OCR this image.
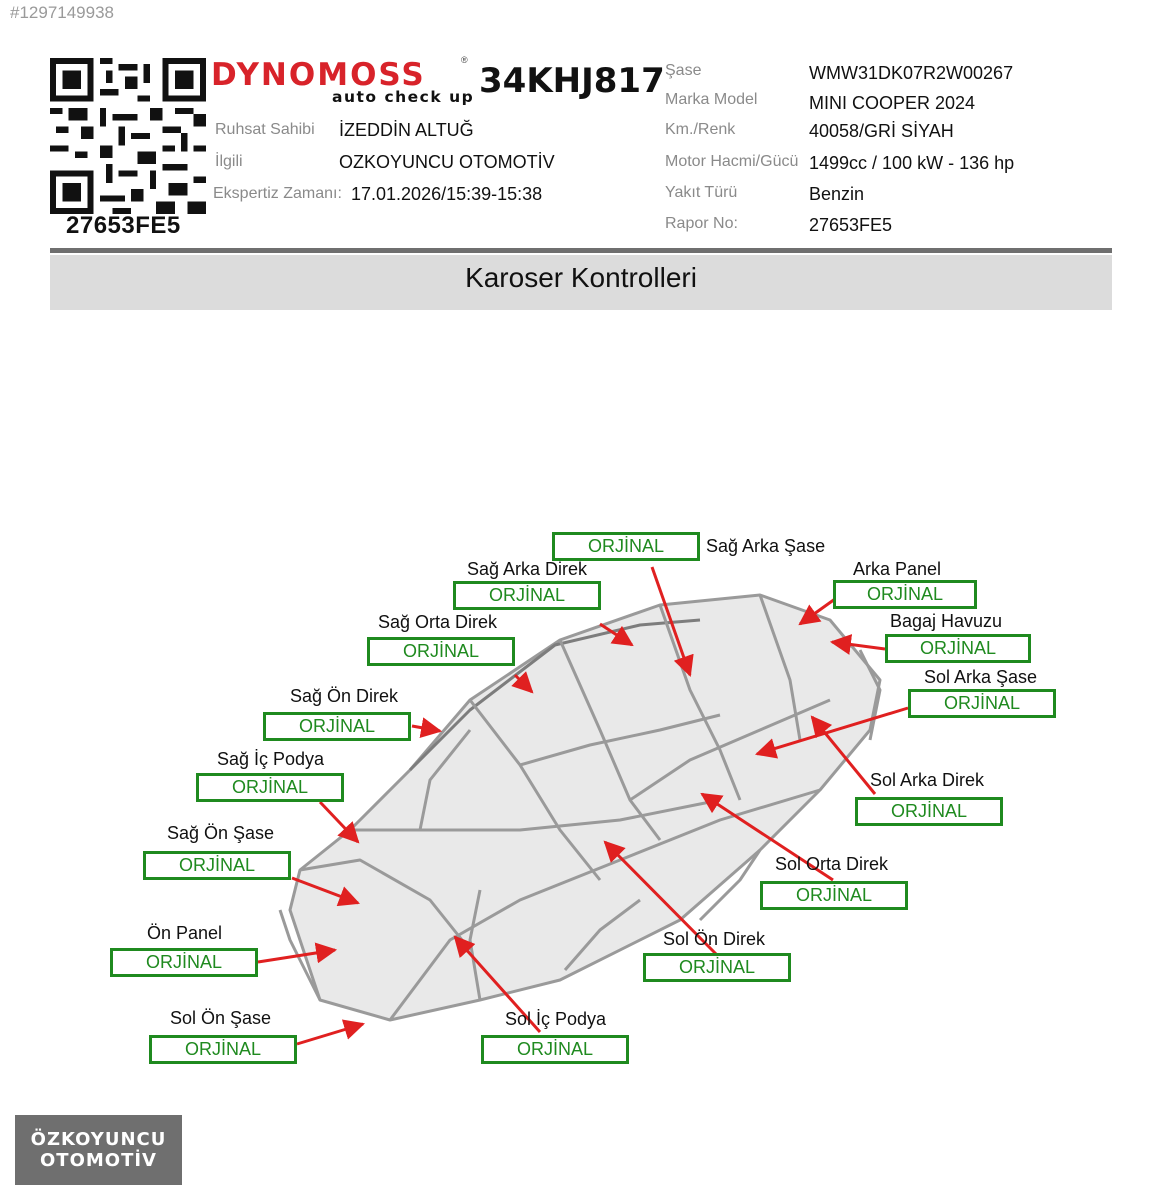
#1297149938
27653FE5
DYNOMOSS	®
auto check up 34KHJ817
Ruhsat Sahibi İZEDDİN ALTUĞ
İlgili	OZKOYUNCU OTOMOTİV
Ekspertiz Zamanı: 17.01.2026/15:39-15:38
Şase	WMW31DK07R2W00267
Marka Model	MINI COOPER 2024
Km./Renk	40058/GRİ SİYAH
Motor Hacmi/Gücü 1499cc / 100 kW - 136 hp
Yakıt Türü	Benzin
Rapor No:	27653FE5
Karoser Kontrolleri
Sağ Arka Şase
ORJİNAL
Sağ Arka Direk
ORJİNAL
Arka Panel
ORJİNAL
Sağ Orta Direk
ORJİNAL
Bagaj Havuzu
ORJİNAL
Sol Arka Şase
ORJİNAL
Sağ Ön Direk
ORJİNAL
Sağ İç Podya
ORJİNAL	Sol Arka Direk
ORJİNAL
Sağ Ön Şase
ORJİNAL	Sol Orta Direk
ORJİNAL
Ön Panel
ORJİNAL
Sol Ön Direk
ORJİNAL
Sol Ön Şase
ORJİNAL
Sol İç Podya
ORJİNAL
ÖZKOYUNCU
OTOMOTİV
